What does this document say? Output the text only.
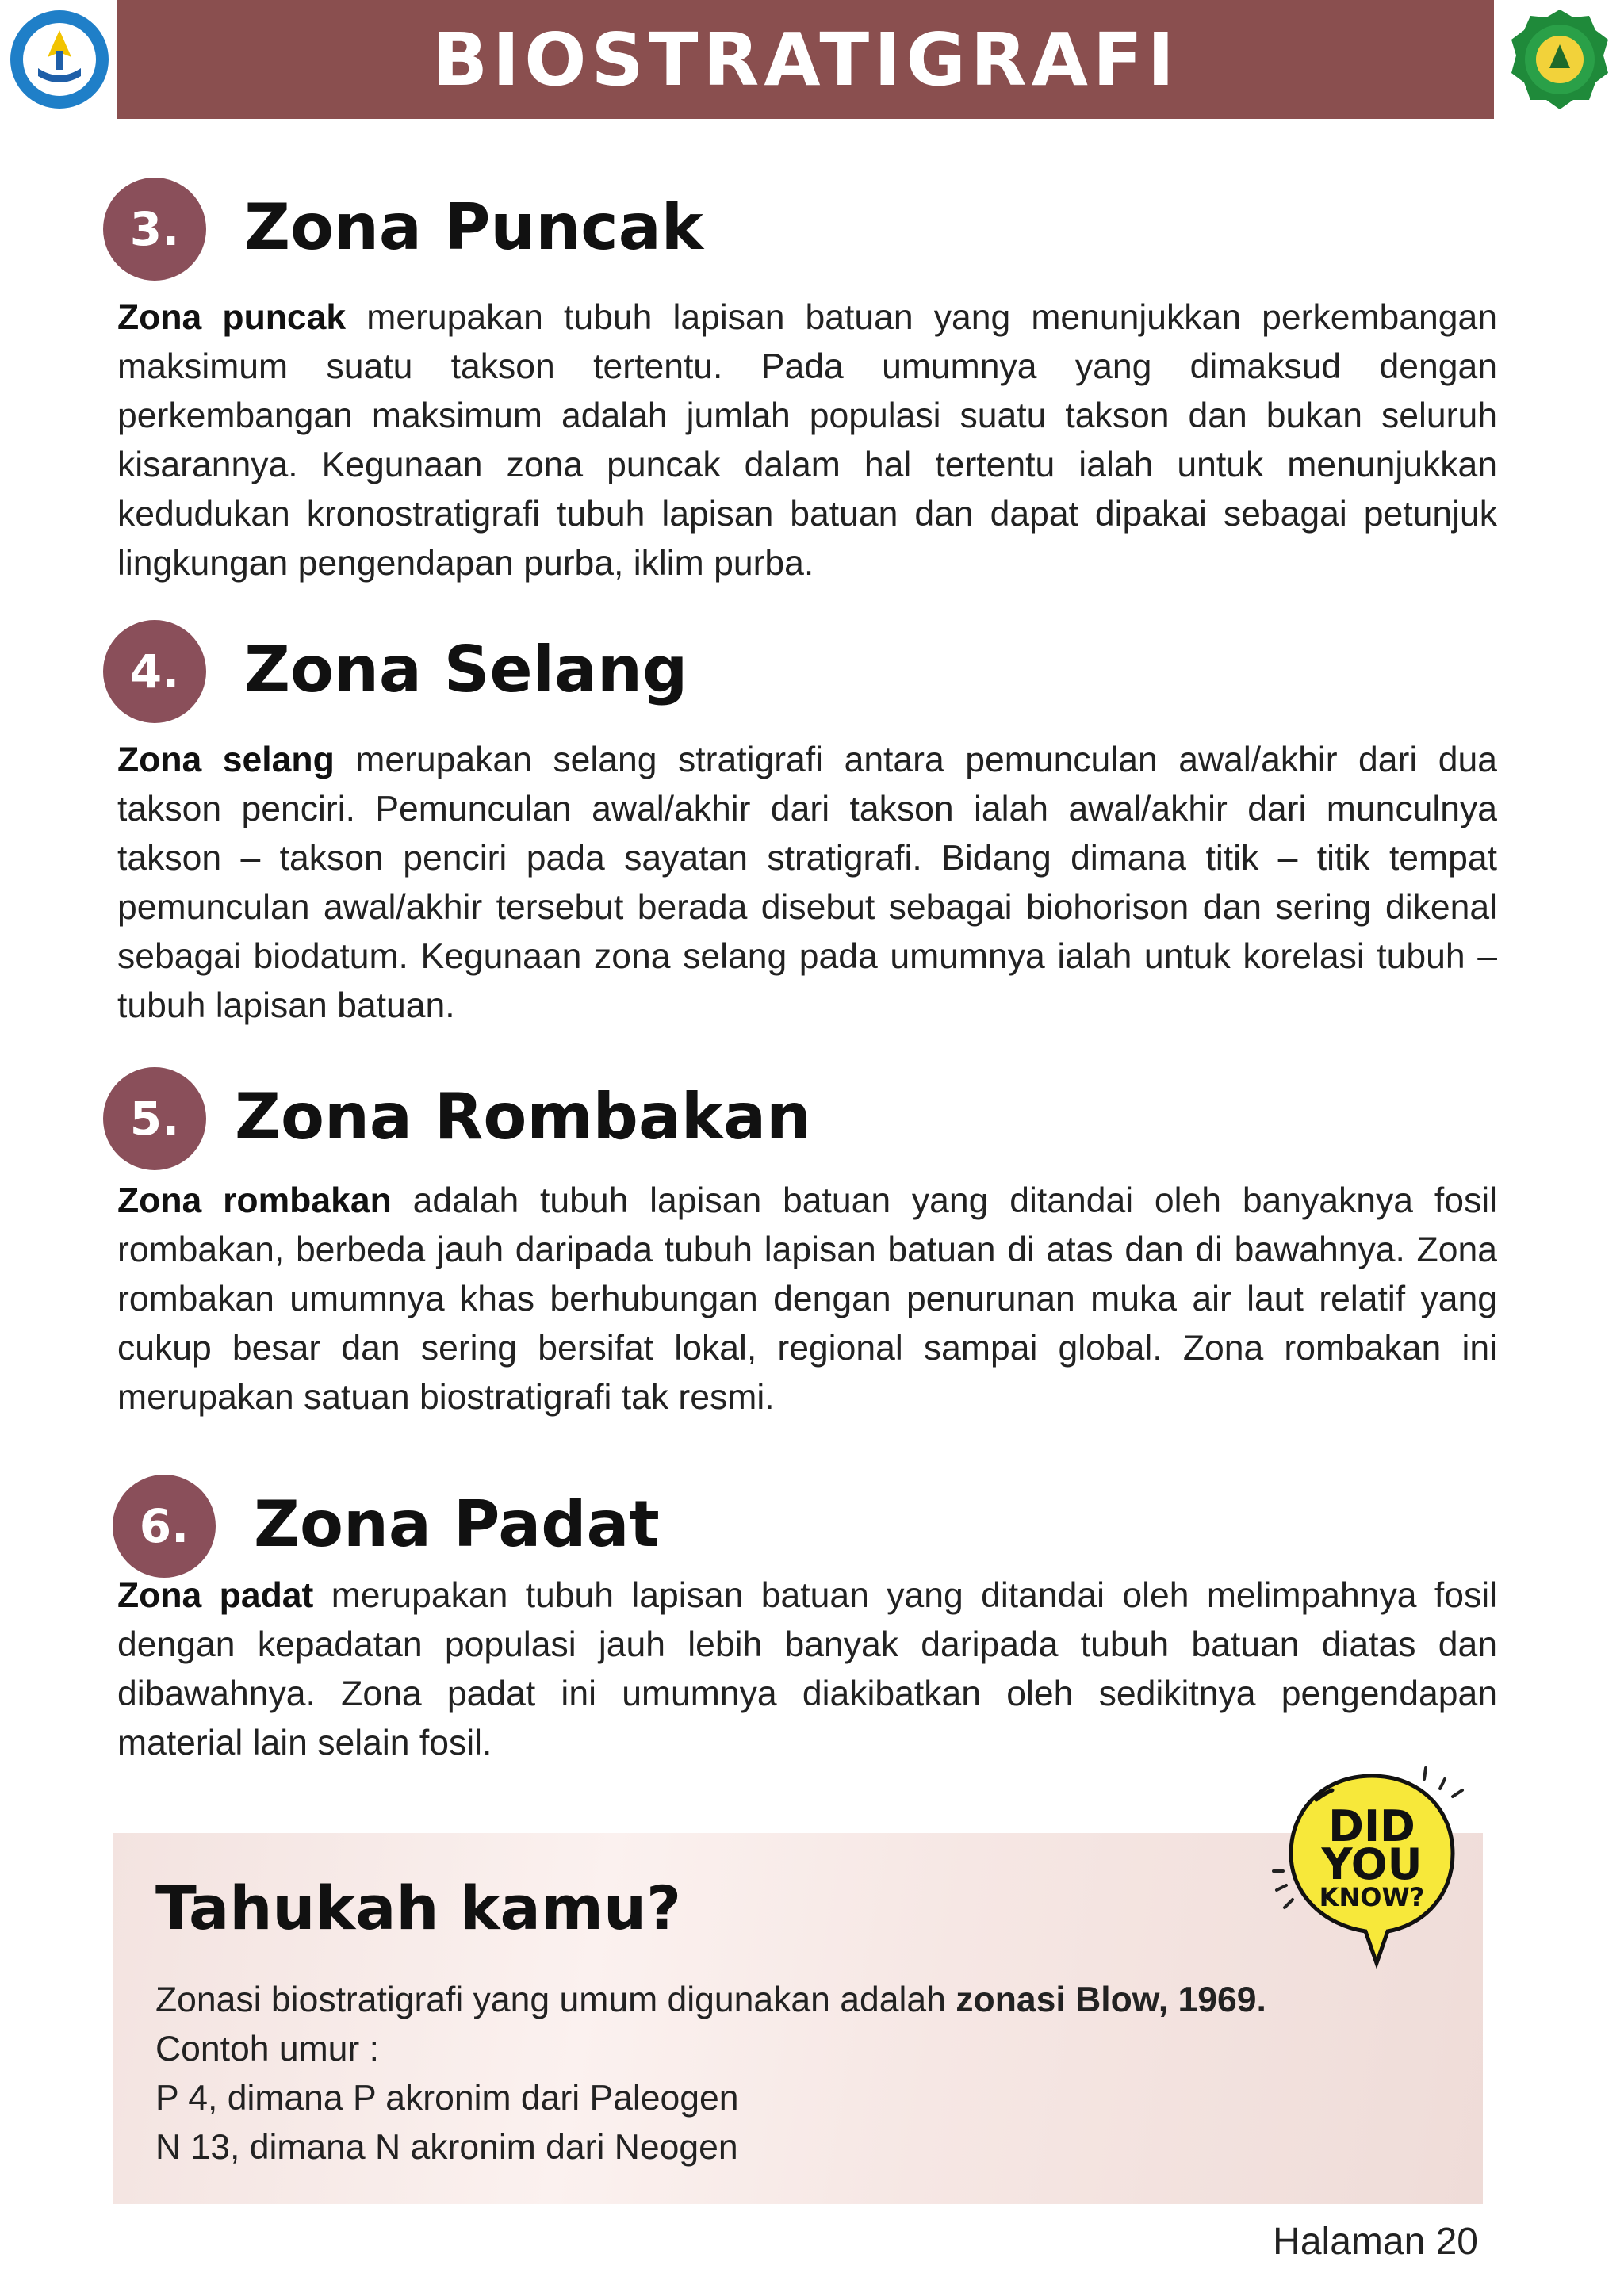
BIOSTRATIGRAFI
3.	Zona Puncak

Zona puncak merupakan tubuh lapisan batuan yang menunjukkan perkembangan maksimum suatu takson tertentu. Pada umumnya yang dimaksud dengan perkembangan maksimum adalah jumlah populasi suatu takson dan bukan seluruh kisarannya. Kegunaan zona puncak dalam hal tertentu ialah untuk menunjukkan kedudukan kronostratigrafi tubuh lapisan batuan dan dapat dipakai sebagai petunjuk lingkungan pengendapan purba, iklim purba.

4.	Zona Selang

Zona selang merupakan selang stratigrafi antara pemunculan awal/akhir dari dua takson penciri. Pemunculan awal/akhir dari takson ialah awal/akhir dari munculnya takson – takson penciri pada sayatan stratigrafi. Bidang dimana titik – titik tempat pemunculan awal/akhir tersebut berada disebut sebagai biohorison dan sering dikenal sebagai biodatum. Kegunaan zona selang pada umumnya ialah untuk korelasi tubuh – tubuh lapisan batuan.

5. Zona Rombakan

Zona rombakan adalah tubuh lapisan batuan yang ditandai oleh banyaknya fosil rombakan, berbeda jauh daripada tubuh lapisan batuan di atas dan di bawahnya. Zona rombakan umumnya khas berhubungan dengan penurunan muka air laut relatif yang cukup besar dan sering bersifat lokal, regional sampai global. Zona rombakan ini merupakan satuan biostratigrafi tak resmi.

6.	Zona Padat

Zona padat merupakan tubuh lapisan batuan yang ditandai oleh melimpahnya fosil dengan kepadatan populasi jauh lebih banyak daripada tubuh batuan diatas dan dibawahnya. Zona padat ini umumnya diakibatkan oleh sedikitnya pengendapan material lain selain fosil.

Tahukah kamu?
Zonasi biostratigrafi yang umum digunakan adalah zonasi Blow, 1969.
Contoh umur :
P 4, dimana P akronim dari Paleogen
N 13, dimana N akronim dari Neogen
DID
YOU
KNOW?
Halaman 20
